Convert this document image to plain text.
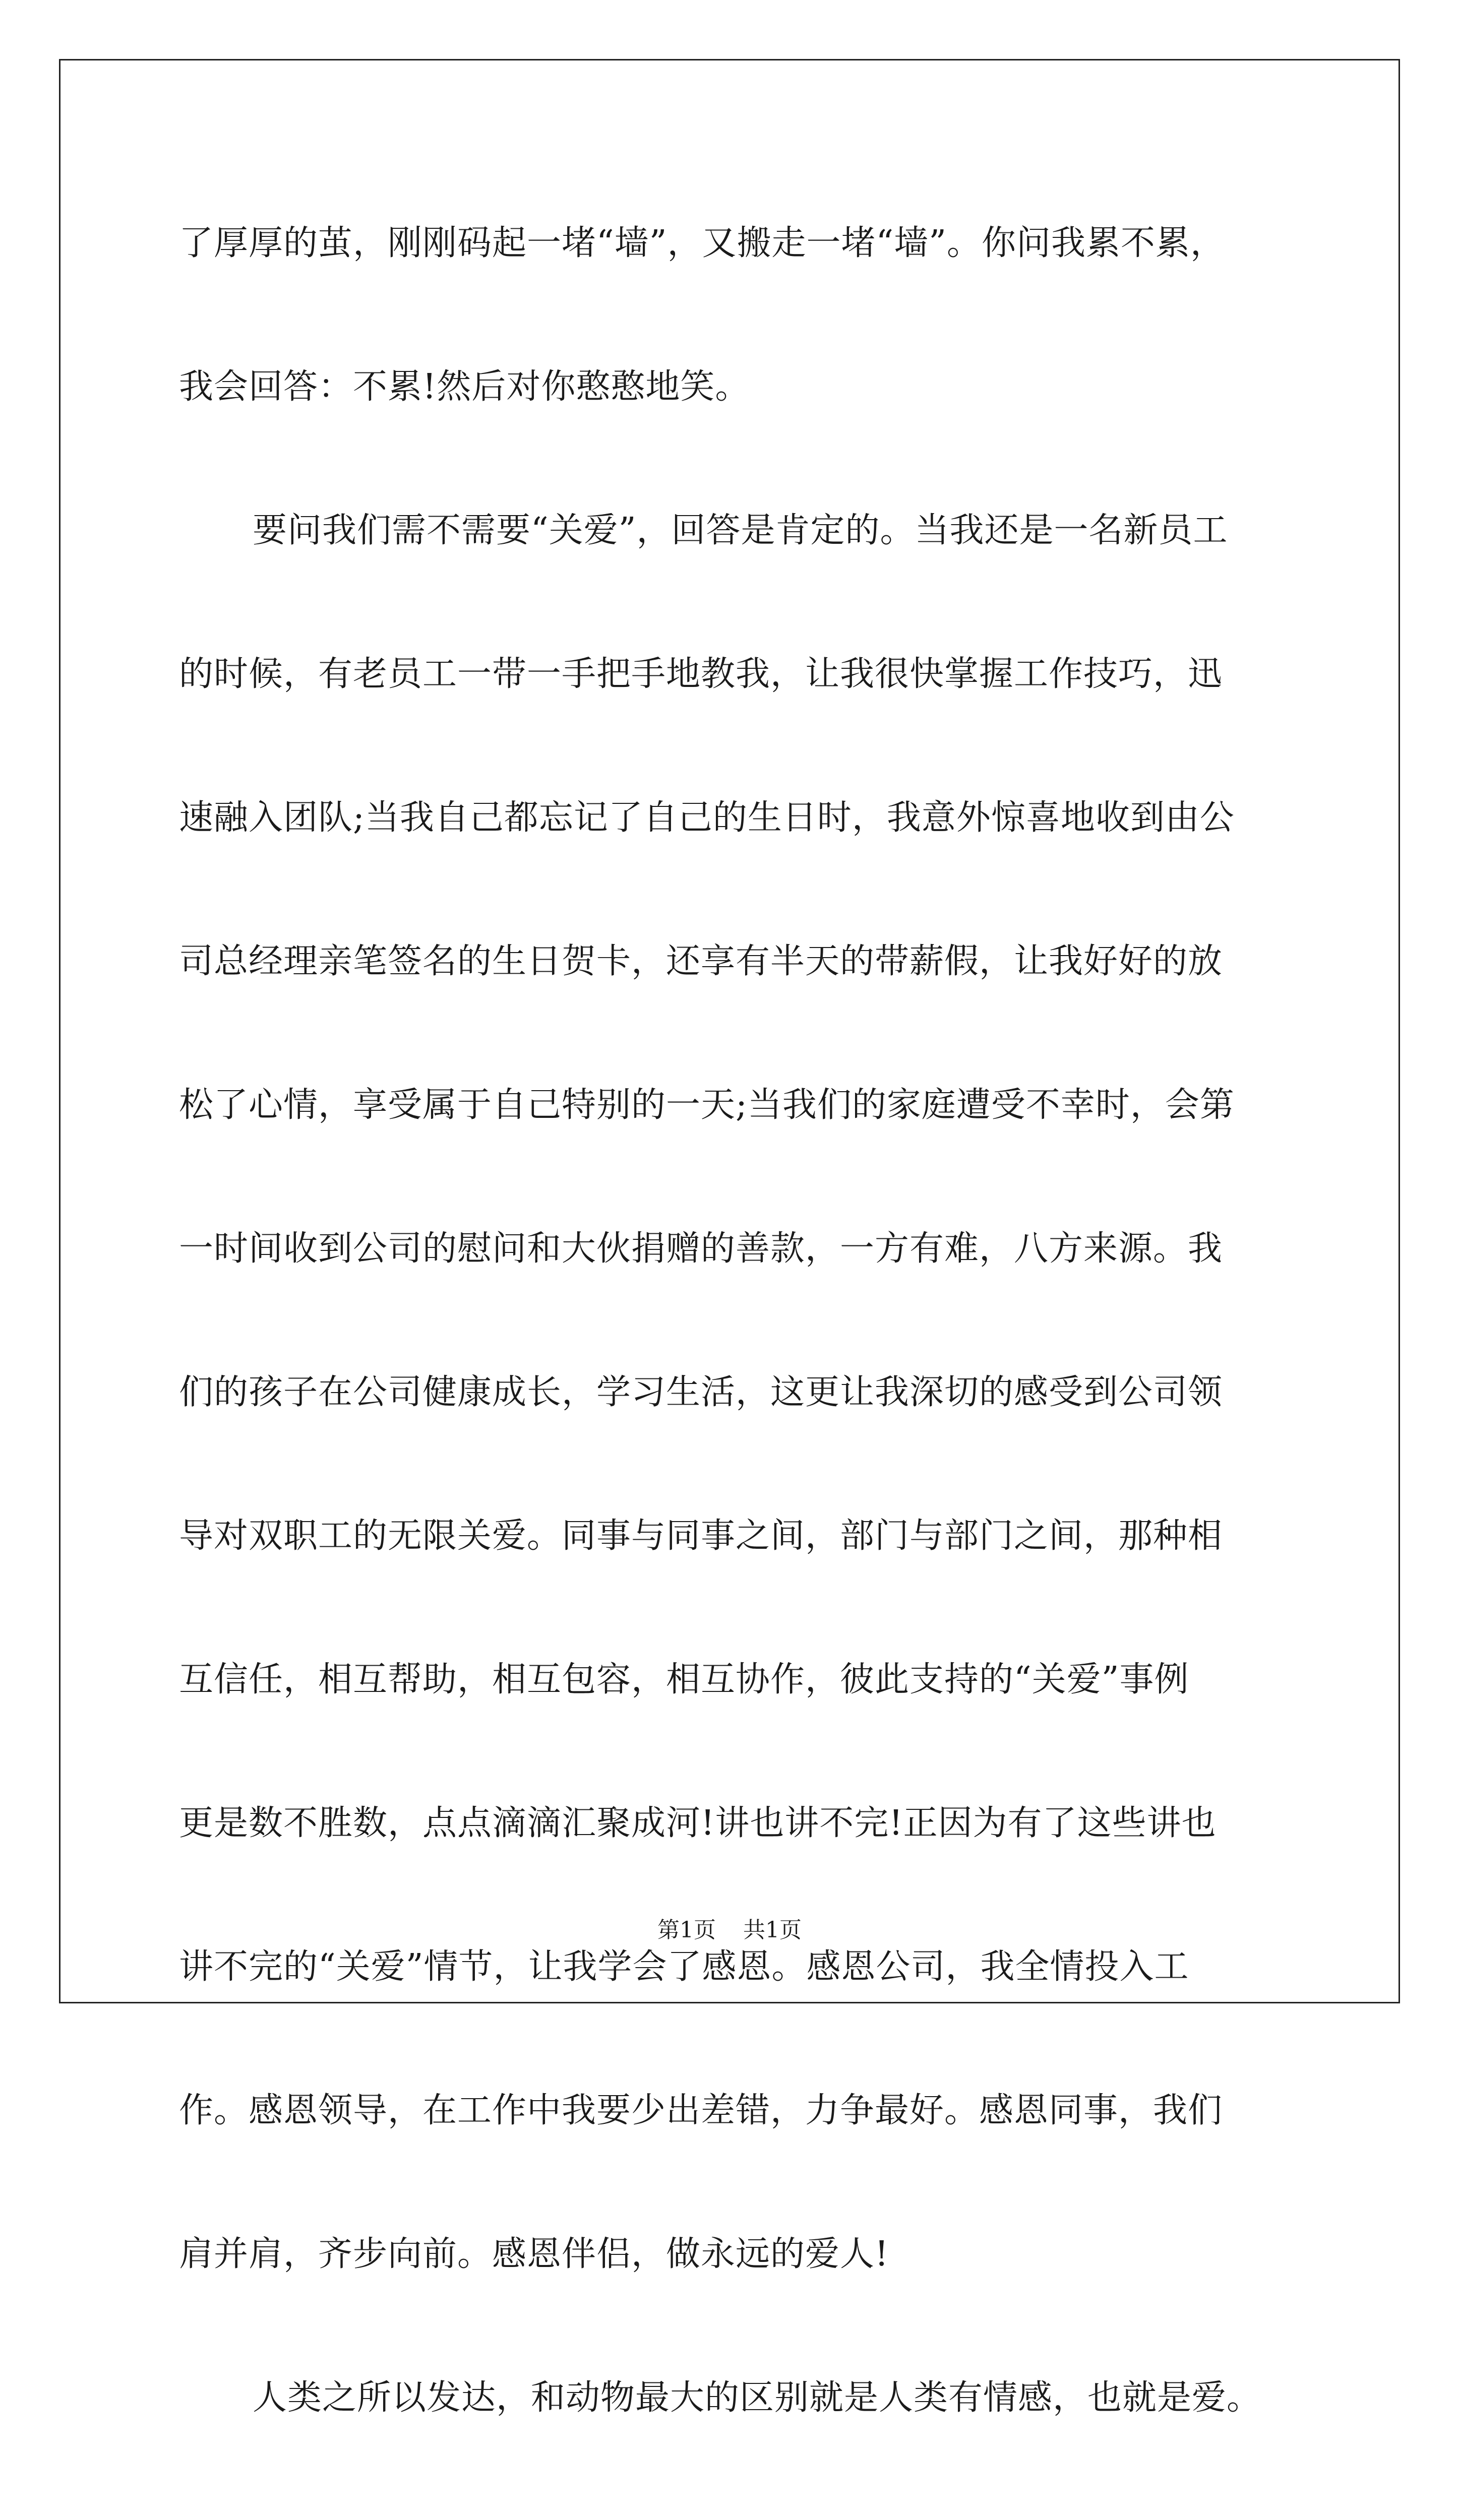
了厚厚的茧，刚刚码起一堵“墙”，又搬走一堵“墙”。你问我累不累，
我会回答：不累!然后对你憨憨地笑。
要问我们需不需要“关爱”，回答是肯定的。当我还是一名新员工
的时候，有老员工一带一手把手地教我，让我很快掌握工作技巧，迅
速融入团队;当我自己都忘记了自己的生日时，我意外惊喜地收到由公
司总经理亲笔签名的生日贺卡，还享有半天的带薪假，让我好好的放
松了心情，享受属于自己特别的一天;当我们的家庭遭受不幸时，会第
一时间收到公司的慰问和大伙捐赠的善款，一方有难，八方来源。我
们的孩子在公司健康成长，学习生活，这更让我深切的感受到公司领
导对双职工的无限关爱。同事与同事之间，部门与部门之间，那种相
互信任，相互帮助，相互包容，相互协作，彼此支持的“关爱”事例
更是数不胜数，点点滴滴汇聚成河!讲也讲不完!正因为有了这些讲也
讲不完的“关爱”情节，让我学会了感恩。感恩公司，我全情投入工
作。感恩领导，在工作中我要少出差错，力争最好。感恩同事，我们
肩并肩，齐步向前。感恩伴侣，做永远的爱人!
人类之所以发达，和动物最大的区别就是人类有情感，也就是爱。
第1页 共1页
